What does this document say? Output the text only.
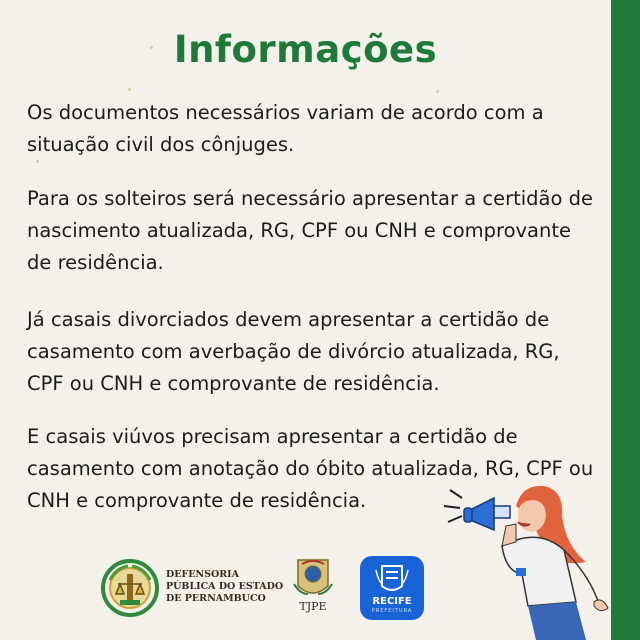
Informações

Os documentos necessários variam de acordo com a situação civil dos cônjuges.

Para os solteiros será necessário apresentar a certidão de nascimento atualizada, RG, CPF ou CNH e comprovante de residência.

Já casais divorciados devem apresentar a certidão de casamento com averbação de divórcio atualizada, RG, CPF ou CNH e comprovante de residência.

E casais viúvos precisam apresentar a certidão de casamento com anotação do óbito atualizada, RG, CPF ou CNH e comprovante de residência.

DEFENSORIA
PÚBLICA DO ESTADO
DE PERNAMBUCO
TJPE	RECIFE
PREFEITURA
